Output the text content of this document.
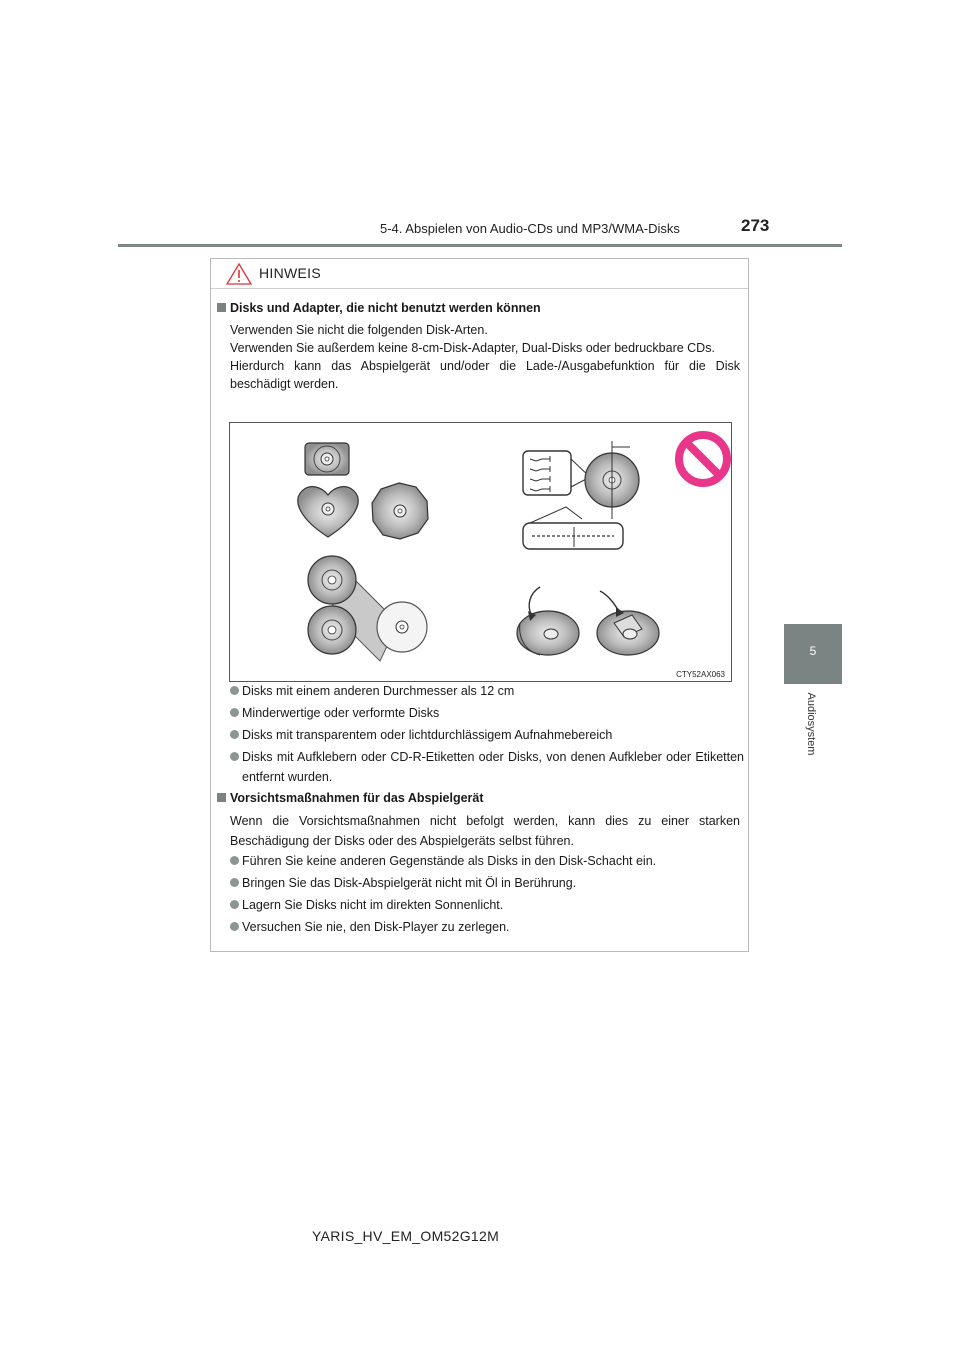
5-4. Abspielen von Audio-CDs und MP3/WMA-Disks	273
5
Audiosystem
HINWEIS
Disks und Adapter, die nicht benutzt werden können
Verwenden Sie nicht die folgenden Disk-Arten.
Verwenden Sie außerdem keine 8-cm-Disk-Adapter, Dual-Disks oder bedruckbare CDs.
Hierdurch kann das Abspielgerät und/oder die Lade-/Ausgabefunktion für die Disk beschädigt werden.
CTY52AX063
Disks mit einem anderen Durchmesser als 12 cm
Minderwertige oder verformte Disks
Disks mit transparentem oder lichtdurchlässigem Aufnahmebereich
Disks mit Aufklebern oder CD-R-Etiketten oder Disks, von denen Aufkleber oder Etiketten entfernt wurden.
Vorsichtsmaßnahmen für das Abspielgerät
Wenn die Vorsichtsmaßnahmen nicht befolgt werden, kann dies zu einer starken Beschädigung der Disks oder des Abspielgeräts selbst führen.
Führen Sie keine anderen Gegenstände als Disks in den Disk-Schacht ein.
Bringen Sie das Disk-Abspielgerät nicht mit Öl in Berührung.
Lagern Sie Disks nicht im direkten Sonnenlicht.
Versuchen Sie nie, den Disk-Player zu zerlegen.
YARIS_HV_EM_OM52G12M
